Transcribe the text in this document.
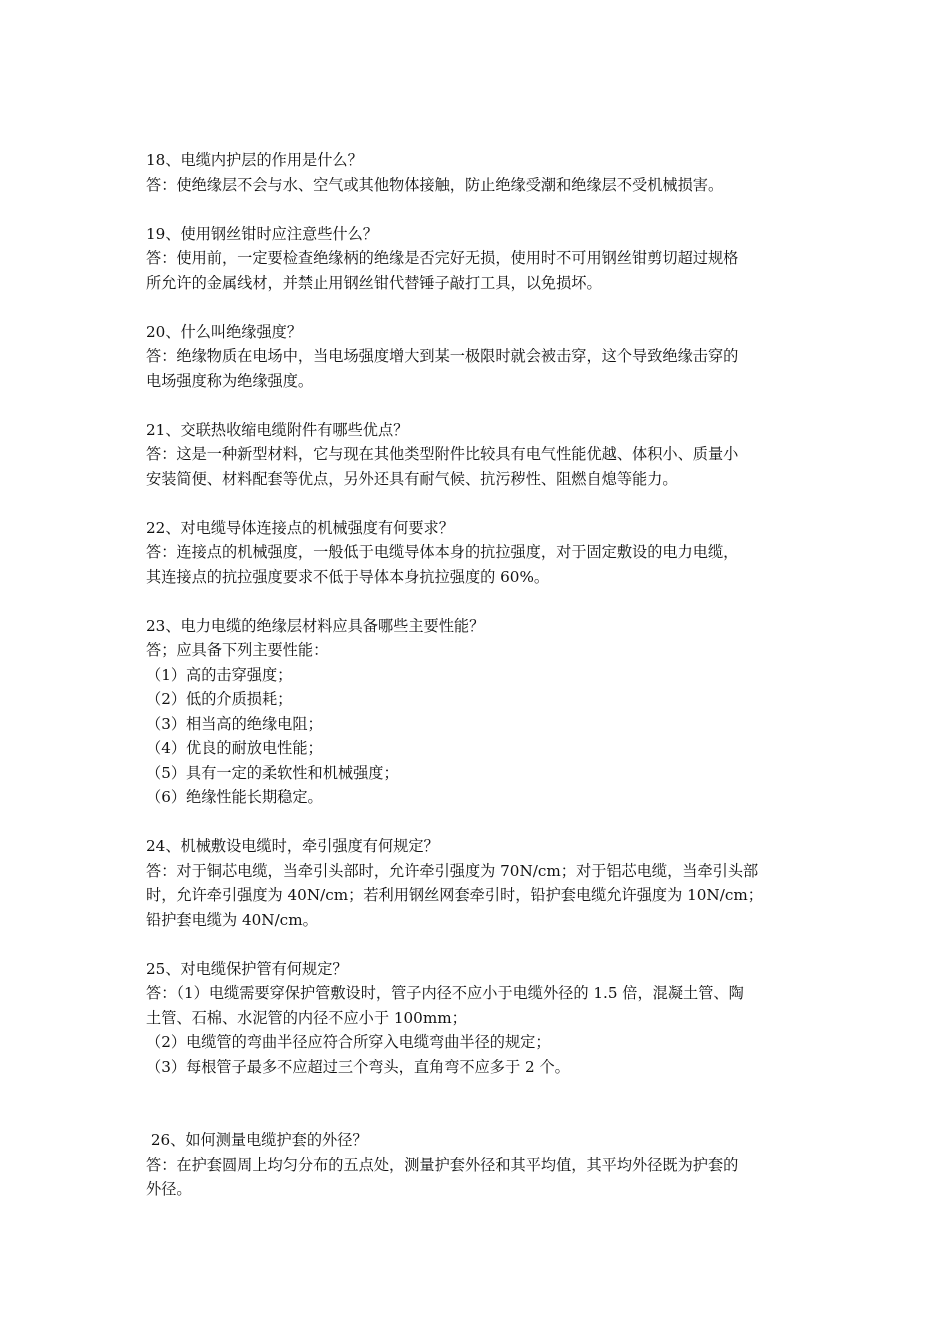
18、电缆内护层的作用是什么？

答：使绝缘层不会与水、空气或其他物体接触，防止绝缘受潮和绝缘层不受机械损害。

19、使用钢丝钳时应注意些什么？

答：使用前，一定要检查绝缘柄的绝缘是否完好无损，使用时不可用钢丝钳剪切超过规格

所允许的金属线材，并禁止用钢丝钳代替锤子敲打工具，以免损坏。

20、什么叫绝缘强度？

答：绝缘物质在电场中，当电场强度增大到某一极限时就会被击穿，这个导致绝缘击穿的

电场强度称为绝缘强度。

21、交联热收缩电缆附件有哪些优点？

答：这是一种新型材料，它与现在其他类型附件比较具有电气性能优越、体积小、质量小

安装简便、材料配套等优点，另外还具有耐气候、抗污秽性、阻燃自熄等能力。

22、对电缆导体连接点的机械强度有何要求？

答：连接点的机械强度，一般低于电缆导体本身的抗拉强度，对于固定敷设的电力电缆，

其连接点的抗拉强度要求不低于导体本身抗拉强度的 60%。

23、电力电缆的绝缘层材料应具备哪些主要性能？

答；应具备下列主要性能：

（1）高的击穿强度；

（2）低的介质损耗；

（3）相当高的绝缘电阻；

（4）优良的耐放电性能；

（5）具有一定的柔软性和机械强度；

（6）绝缘性能长期稳定。

24、机械敷设电缆时，牵引强度有何规定？

答：对于铜芯电缆，当牵引头部时，允许牵引强度为 70N/cm；对于铝芯电缆，当牵引头部

时，允许牵引强度为 40N/cm；若利用钢丝网套牵引时，铅护套电缆允许强度为 10N/cm；

铅护套电缆为 40N/cm。

25、对电缆保护管有何规定？

答：（1）电缆需要穿保护管敷设时，管子内径不应小于电缆外径的 1.5 倍，混凝土管、陶

土管、石棉、水泥管的内径不应小于 100mm；

（2）电缆管的弯曲半径应符合所穿入电缆弯曲半径的规定；

（3）每根管子最多不应超过三个弯头，直角弯不应多于 2 个。

26、如何测量电缆护套的外径？

答：在护套圆周上均匀分布的五点处，测量护套外径和其平均值，其平均外径既为护套的

外径。
